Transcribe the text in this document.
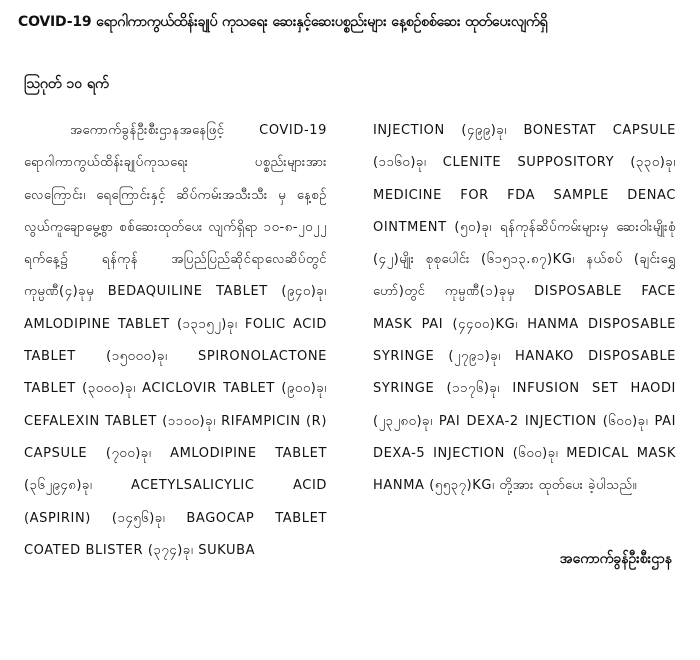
COVID-19 ရောဂါကာကွယ်ထိန်းချုပ် ကုသရေး ဆေးနှင့်ဆေးပစ္စည်းများ နေ့စဉ်စစ်ဆေး ထုတ်ပေးလျက်ရှိ
ဩဂုတ် ၁၀ ရက်

အကောက်ခွန်ဦးစီးဌာနအနေဖြင့် COVID-19 ရောဂါကာကွယ်ထိန်းချုပ်ကုသရေး ပစ္စည်းများအား လေကြောင်း၊ ရေကြောင်းနှင့် ဆိပ်ကမ်းအသီးသီး မှ နေ့စဉ်လွယ်ကူချောမွေ့စွာ စစ်ဆေးထုတ်ပေး လျက်ရှိရာ ၁၀-၈-၂၀၂၂ ရက်နေ့၌ ရန်ကုန် အပြည်ပြည်ဆိုင်ရာလေဆိပ်တွင် ကုမ္ပဏီ(၄)ခုမှ BEDAQUILINE TABLET (၉၄၀)ခု၊ AMLODIPINE TABLET (၁၃၁၅၂)ခု၊ FOLIC ACID TABLET (၁၅၀၀၀)ခု၊ SPIRONOLACTONE TABLET (၃၀၀၀)ခု၊ ACICLOVIR TABLET (၉၀၀)ခု၊ CEFALEXIN TABLET (၁၁၀၀)ခု၊ RIFAMPICIN (R) CAPSULE (၇၀၀)ခု၊ AMLODIPINE TABLET (၃၆၂၉၄၈)ခု၊ ACETYLSALICYLIC ACID (ASPIRIN) (၁၄၅၆)ခု၊ BAGOCAP TABLET COATED BLISTER (၃၇၄)ခု၊ SUKUBA

INJECTION (၄၉၉)ခု၊ BONESTAT CAPSULE (၁၁၆၀)ခု၊ CLENITE SUPPOSITORY (၃၃၀)ခု၊ MEDICINE FOR FDA SAMPLE DENAC OINTMENT (၅၀)ခု၊ ရန်ကုန်ဆိပ်ကမ်းများမှ ဆေးဝါးမျိုးစုံ (၄၂)မျိုး စုစုပေါင်း (၆၁၅၁၃.၈၇)KG၊ နယ်စပ် (ချင်းရွှေဟော်)တွင် ကုမ္ပဏီ(၁)ခုမှ DISPOSABLE FACE MASK PAI (၄၄၀၀)KG၊ HANMA DISPOSABLE SYRINGE (၂၇၉၁)ခု၊ HANAKO DISPOSABLE SYRINGE (၁၁၇၆)ခု၊ INFUSION SET HAODI (၂၃၂၈၀)ခု၊ PAI DEXA-2 INJECTION (၆၀၀)ခု၊ PAI DEXA-5 INJECTION (၆၀၀)ခု၊ MEDICAL MASK HANMA (၅၅၃၇)KG၊ တို့အား ထုတ်ပေး ခဲ့ပါသည်။

အကောက်ခွန်ဦးစီးဌာန
